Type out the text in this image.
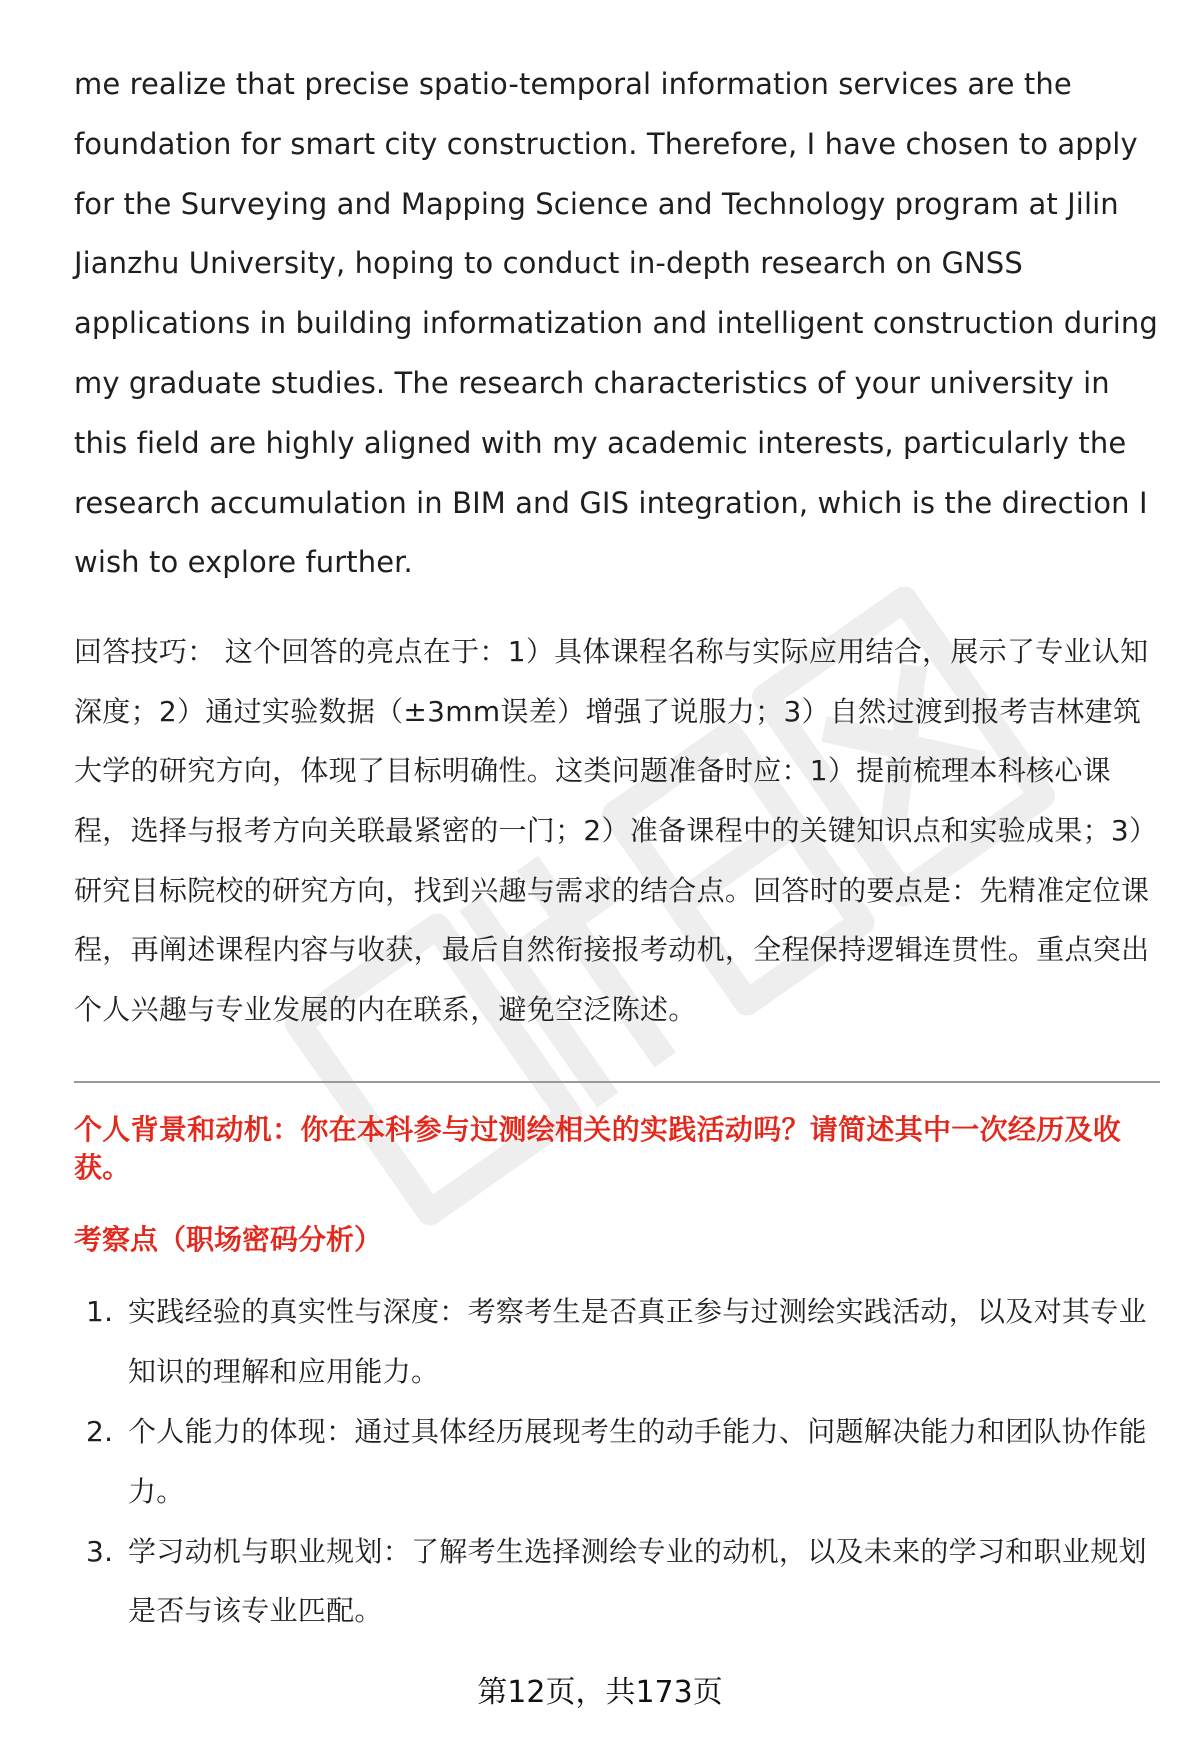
me realize that precise spatio-temporal information services are the foundation for smart city construction. Therefore, I have chosen to apply for the Surveying and Mapping Science and Technology program at Jilin Jianzhu University, hoping to conduct in-depth research on GNSS applications in building informatization and intelligent construction during my graduate studies. The research characteristics of your university in this field are highly aligned with my academic interests, particularly the research accumulation in BIM and GIS integration, which is the direction I wish to explore further.

回答技巧： 这个回答的亮点在于：1）具体课程名称与实际应用结合，展示了专业认知深度；2）通过实验数据（±3mm误差）增强了说服力；3）自然过渡到报考吉林建筑大学的研究方向，体现了目标明确性。这类问题准备时应：1）提前梳理本科核心课程，选择与报考方向关联最紧密的一门；2）准备课程中的关键知识点和实验成果；3）研究目标院校的研究方向，找到兴趣与需求的结合点。回答时的要点是：先精准定位课程，再阐述课程内容与收获，最后自然衔接报考动机，全程保持逻辑连贯性。重点突出个人兴趣与专业发展的内在联系，避免空泛陈述。

个人背景和动机：你在本科参与过测绘相关的实践活动吗？请简述其中一次经历及收获。
考察点（职场密码分析）
1. 实践经验的真实性与深度：考察考生是否真正参与过测绘实践活动，以及对其专业知识的理解和应用能力。
2. 个人能力的体现：通过具体经历展现考生的动手能力、问题解决能力和团队协作能力。
3. 学习动机与职业规划：了解考生选择测绘专业的动机，以及未来的学习和职业规划是否与该专业匹配。
第12页，共173页
